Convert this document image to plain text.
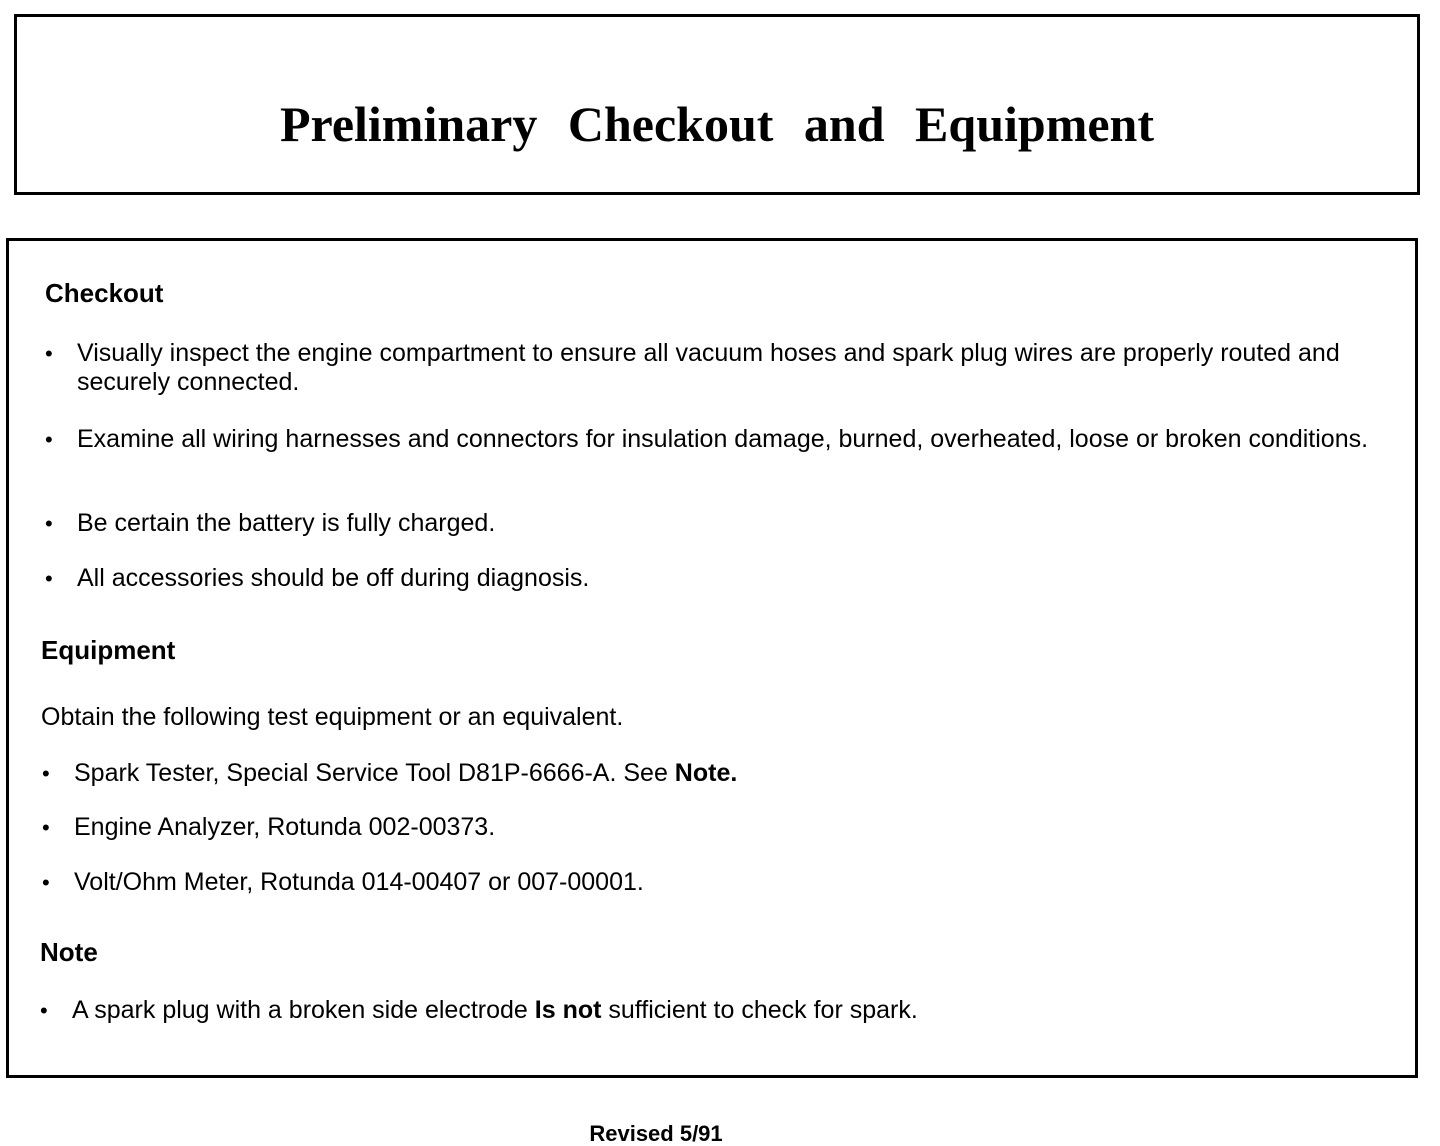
Preliminary Checkout and Equipment
Checkout
• Visually inspect the engine compartment to ensure all vacuum hoses and spark plug wires are properly routed and securely connected.
• Examine all wiring harnesses and connectors for insulation damage, burned, overheated, loose or broken conditions.
• Be certain the battery is fully charged.
• All accessories should be off during diagnosis.
Equipment
Obtain the following test equipment or an equivalent.
• Spark Tester, Special Service Tool D81P-6666-A. See Note.
• Engine Analyzer, Rotunda 002-00373.
• Volt/Ohm Meter, Rotunda 014-00407 or 007-00001.
Note
• A spark plug with a broken side electrode Is not sufficient to check for spark.
Revised 5/91
